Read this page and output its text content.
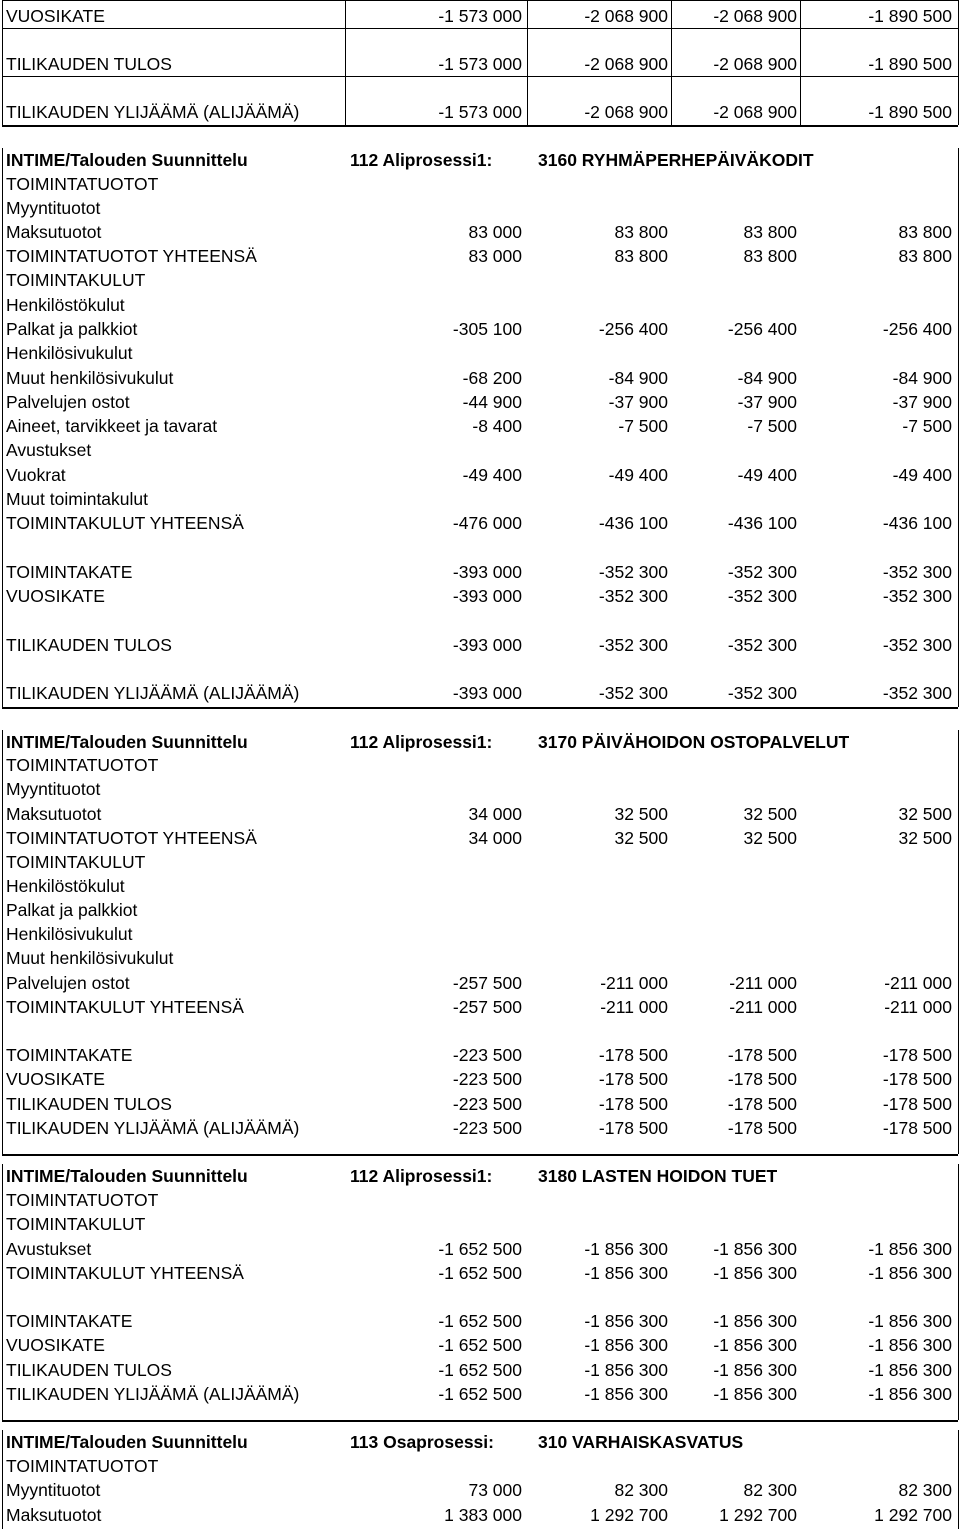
VUOSIKATE	-1 573 000	-2 068 900	-2 068 900	-1 890 500
TILIKAUDEN TULOS	-1 573 000	-2 068 900	-2 068 900	-1 890 500
TILIKAUDEN YLIJÄÄMÄ (ALIJÄÄMÄ)	-1 573 000	-2 068 900	-2 068 900	-1 890 500
INTIME/Talouden Suunnittelu	112 Aliprosessi1:	3160 RYHMÄPERHEPÄIVÄKODIT
TOIMINTATUOTOT
Myyntituotot
Maksutuotot	83 000	83 800	83 800	83 800
TOIMINTATUOTOT YHTEENSÄ	83 000	83 800	83 800	83 800
TOIMINTAKULUT
Henkilöstökulut
Palkat ja palkkiot	-305 100	-256 400	-256 400	-256 400
Henkilösivukulut
Muut henkilösivukulut	-68 200	-84 900	-84 900	-84 900
Palvelujen ostot	-44 900	-37 900	-37 900	-37 900
Aineet, tarvikkeet ja tavarat	-8 400	-7 500	-7 500	-7 500
Avustukset
Vuokrat	-49 400	-49 400	-49 400	-49 400
Muut toimintakulut
TOIMINTAKULUT YHTEENSÄ	-476 000	-436 100	-436 100	-436 100
TOIMINTAKATE	-393 000	-352 300	-352 300	-352 300
VUOSIKATE	-393 000	-352 300	-352 300	-352 300
TILIKAUDEN TULOS	-393 000	-352 300	-352 300	-352 300
TILIKAUDEN YLIJÄÄMÄ (ALIJÄÄMÄ)	-393 000	-352 300	-352 300	-352 300
INTIME/Talouden Suunnittelu	112 Aliprosessi1:	3170 PÄIVÄHOIDON OSTOPALVELUT
TOIMINTATUOTOT
Myyntituotot
Maksutuotot	34 000	32 500	32 500	32 500
TOIMINTATUOTOT YHTEENSÄ	34 000	32 500	32 500	32 500
TOIMINTAKULUT
Henkilöstökulut
Palkat ja palkkiot
Henkilösivukulut
Muut henkilösivukulut
Palvelujen ostot	-257 500	-211 000	-211 000	-211 000
TOIMINTAKULUT YHTEENSÄ	-257 500	-211 000	-211 000	-211 000
TOIMINTAKATE	-223 500	-178 500	-178 500	-178 500
VUOSIKATE	-223 500	-178 500	-178 500	-178 500
TILIKAUDEN TULOS	-223 500	-178 500	-178 500	-178 500
TILIKAUDEN YLIJÄÄMÄ (ALIJÄÄMÄ)	-223 500	-178 500	-178 500	-178 500
INTIME/Talouden Suunnittelu	112 Aliprosessi1:	3180 LASTEN HOIDON TUET
TOIMINTATUOTOT
TOIMINTAKULUT
Avustukset	-1 652 500	-1 856 300	-1 856 300	-1 856 300
TOIMINTAKULUT YHTEENSÄ	-1 652 500	-1 856 300	-1 856 300	-1 856 300
TOIMINTAKATE	-1 652 500	-1 856 300	-1 856 300	-1 856 300
VUOSIKATE	-1 652 500	-1 856 300	-1 856 300	-1 856 300
TILIKAUDEN TULOS	-1 652 500	-1 856 300	-1 856 300	-1 856 300
TILIKAUDEN YLIJÄÄMÄ (ALIJÄÄMÄ)	-1 652 500	-1 856 300	-1 856 300	-1 856 300
INTIME/Talouden Suunnittelu	113 Osaprosessi:	310 VARHAISKASVATUS
TOIMINTATUOTOT
Myyntituotot	73 000	82 300	82 300	82 300
Maksutuotot	1 383 000	1 292 700	1 292 700	1 292 700
